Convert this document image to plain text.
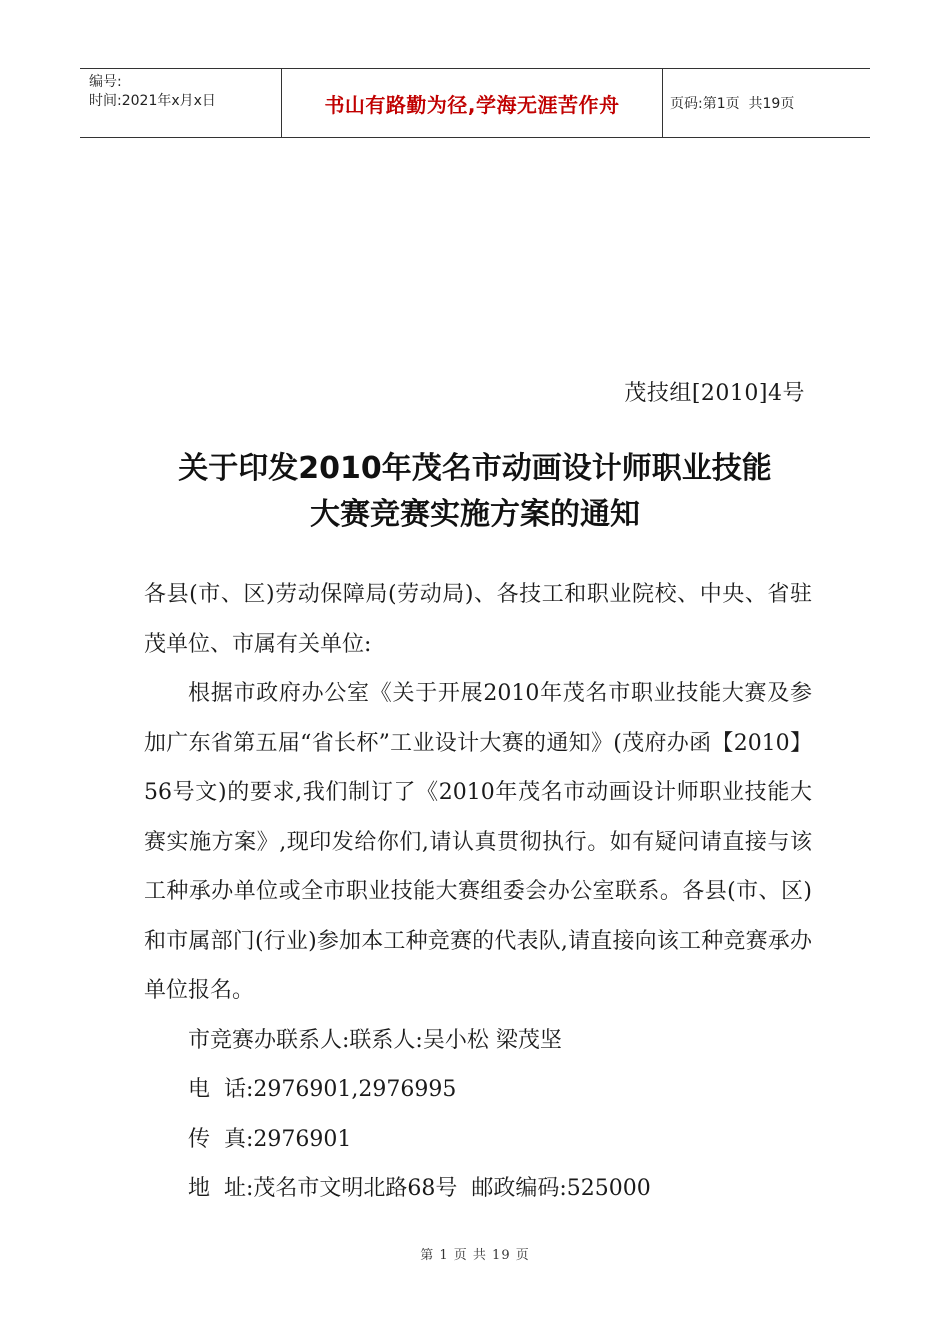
编号:
时间:2021年x月x日	书山有路勤为径,学海无涯苦作舟	页码:第1页  共19页
茂技组[2010]4号
关于印发2010年茂名市动画设计师职业技能
大赛竞赛实施方案的通知

各县(市、区)劳动保障局(劳动局)、各技工和职业院校、中央、省驻茂单位、市属有关单位:

根据市政府办公室《关于开展2010年茂名市职业技能大赛及参加广东省第五届“省长杯”工业设计大赛的通知》(茂府办函【2010】56号文)的要求,我们制订了《2010年茂名市动画设计师职业技能大赛实施方案》,现印发给你们,请认真贯彻执行。如有疑问请直接与该工种承办单位或全市职业技能大赛组委会办公室联系。各县(市、区)和市属部门(行业)参加本工种竞赛的代表队,请直接向该工种竞赛承办单位报名。

市竞赛办联系人:联系人:吴小松 梁茂坚

电  话:2976901,2976995

传  真:2976901

地  址:茂名市文明北路68号  邮政编码:525000

第 1 页 共 19 页
